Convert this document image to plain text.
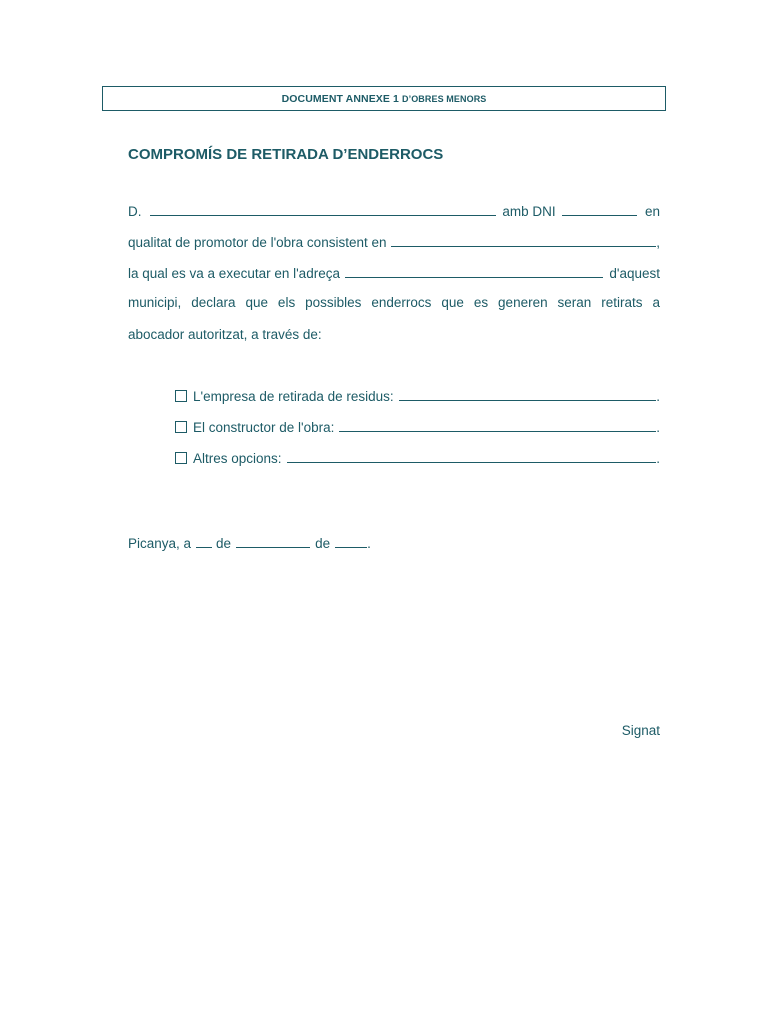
DOCUMENT ANNEXE 1
D’OBRES MENORS
COMPROMÍS DE RETIRADA D’ENDERROCS
D.	amb DNI	en
qualitat de promotor de l'obra consistent en	,
la qual es va a executar en l'adreça	d'aquest
municipi, declara que els possibles enderrocs que es generen seran retirats a
abocador autoritzat, a través de:
L'empresa de retirada de residus:	.
El constructor de l'obra:	.
Altres opcions:	.
Picanya, a de	de	.
Signat
